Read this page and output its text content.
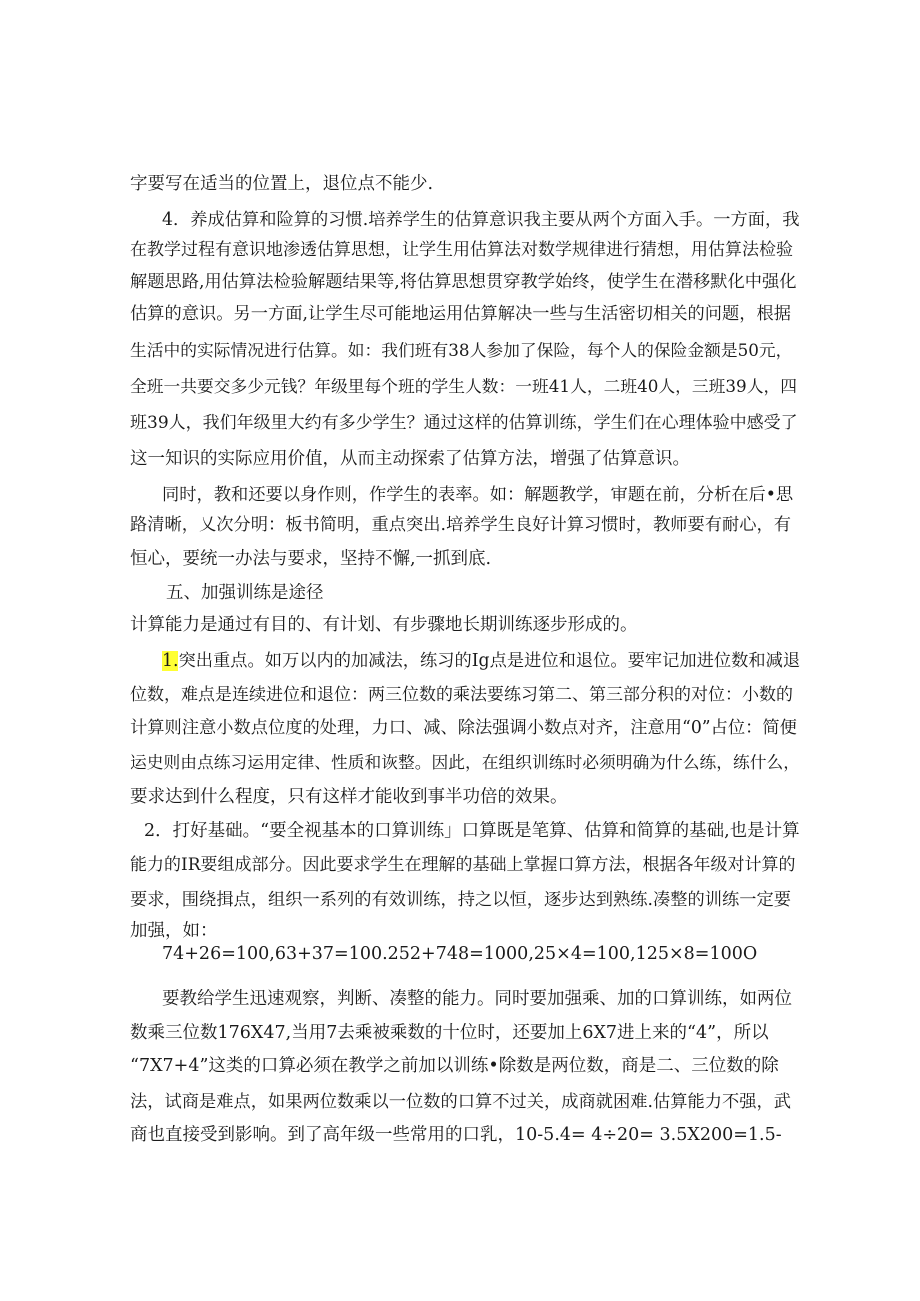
字要写在适当的位置上，退位点不能少.
4．养成估算和险算的习惯.培养学生的估算意识我主要从两个方面入手。一方面，我
在教学过程有意识地渗透估算思想，让学生用估算法对数学规律进行猜想，用估算法检验
解题思路,用估算法检验解题结果等,将估算思想贯穿教学始终，使学生在潜移默化中强化
估算的意识。另一方面,让学生尽可能地运用估算解决一些与生活密切相关的问题，根据
生活中的实际情况进行估算。如：我们班有38人参加了保险，每个人的保险金额是50元，
全班一共要交多少元钱？年级里每个班的学生人数：一班41人，二班40人，三班39人，四
班39人，我们年级里大约有多少学生？通过这样的估算训练，学生们在心理体验中感受了
这一知识的实际应用价值，从而主动探索了估算方法，增强了估算意识。
同时，教和还要以身作则，作学生的表率。如：解题教学，审题在前，分析在后•思
路清晰，乂次分明：板书简明，重点突出.培养学生良好计算习惯时，教师要有耐心，有
恒心，要统一办法与要求，坚持不懈,一抓到底.
五、加强训练是途径
计算能力是通过有目的、有计划、有步骤地长期训练逐步形成的。
1.突出重点。如万以内的加减法，练习的Ig点是进位和退位。要牢记加进位数和减退
位数，难点是连续进位和退位：两三位数的乘法要练习第二、第三部分积的对位：小数的
计算则注意小数点位度的处理，力口、减、除法强调小数点对齐，注意用“0”占位：简便
运史则由点练习运用定律、性质和诙整。因此，在组织训练时必须明确为什么练，练什么，
要求达到什么程度，只有这样才能收到事半功倍的效果。
2．打好基础。“要全视基本的口算训练」口算既是笔算、估算和简算的基础,也是计算
能力的IR要组成部分。因此要求学生在理解的基础上掌握口算方法，根据各年级对计算的
要求，围绕揖点，组织一系列的有效训练，持之以恒，逐步达到熟练.凑整的训练一定要
加强，如：
74+26=100,63+37=100.252+748=1000,25×4=100,125×8=100O
要教给学生迅速观察，判断、凑整的能力。同时要加强乘、加的口算训练，如两位
数乘三位数176X47,当用7去乘被乘数的十位时，还要加上6X7进上来的“4”，所以
“7X7+4”这类的口算必须在教学之前加以训练•除数是两位数，商是二、三位数的除
法，试商是难点，如果两位数乘以一位数的口算不过关，成商就困难.估算能力不强，武
商也直接受到影响。到了高年级一些常用的口乳，10-5.4= 4÷20= 3.5X200=1.5-
